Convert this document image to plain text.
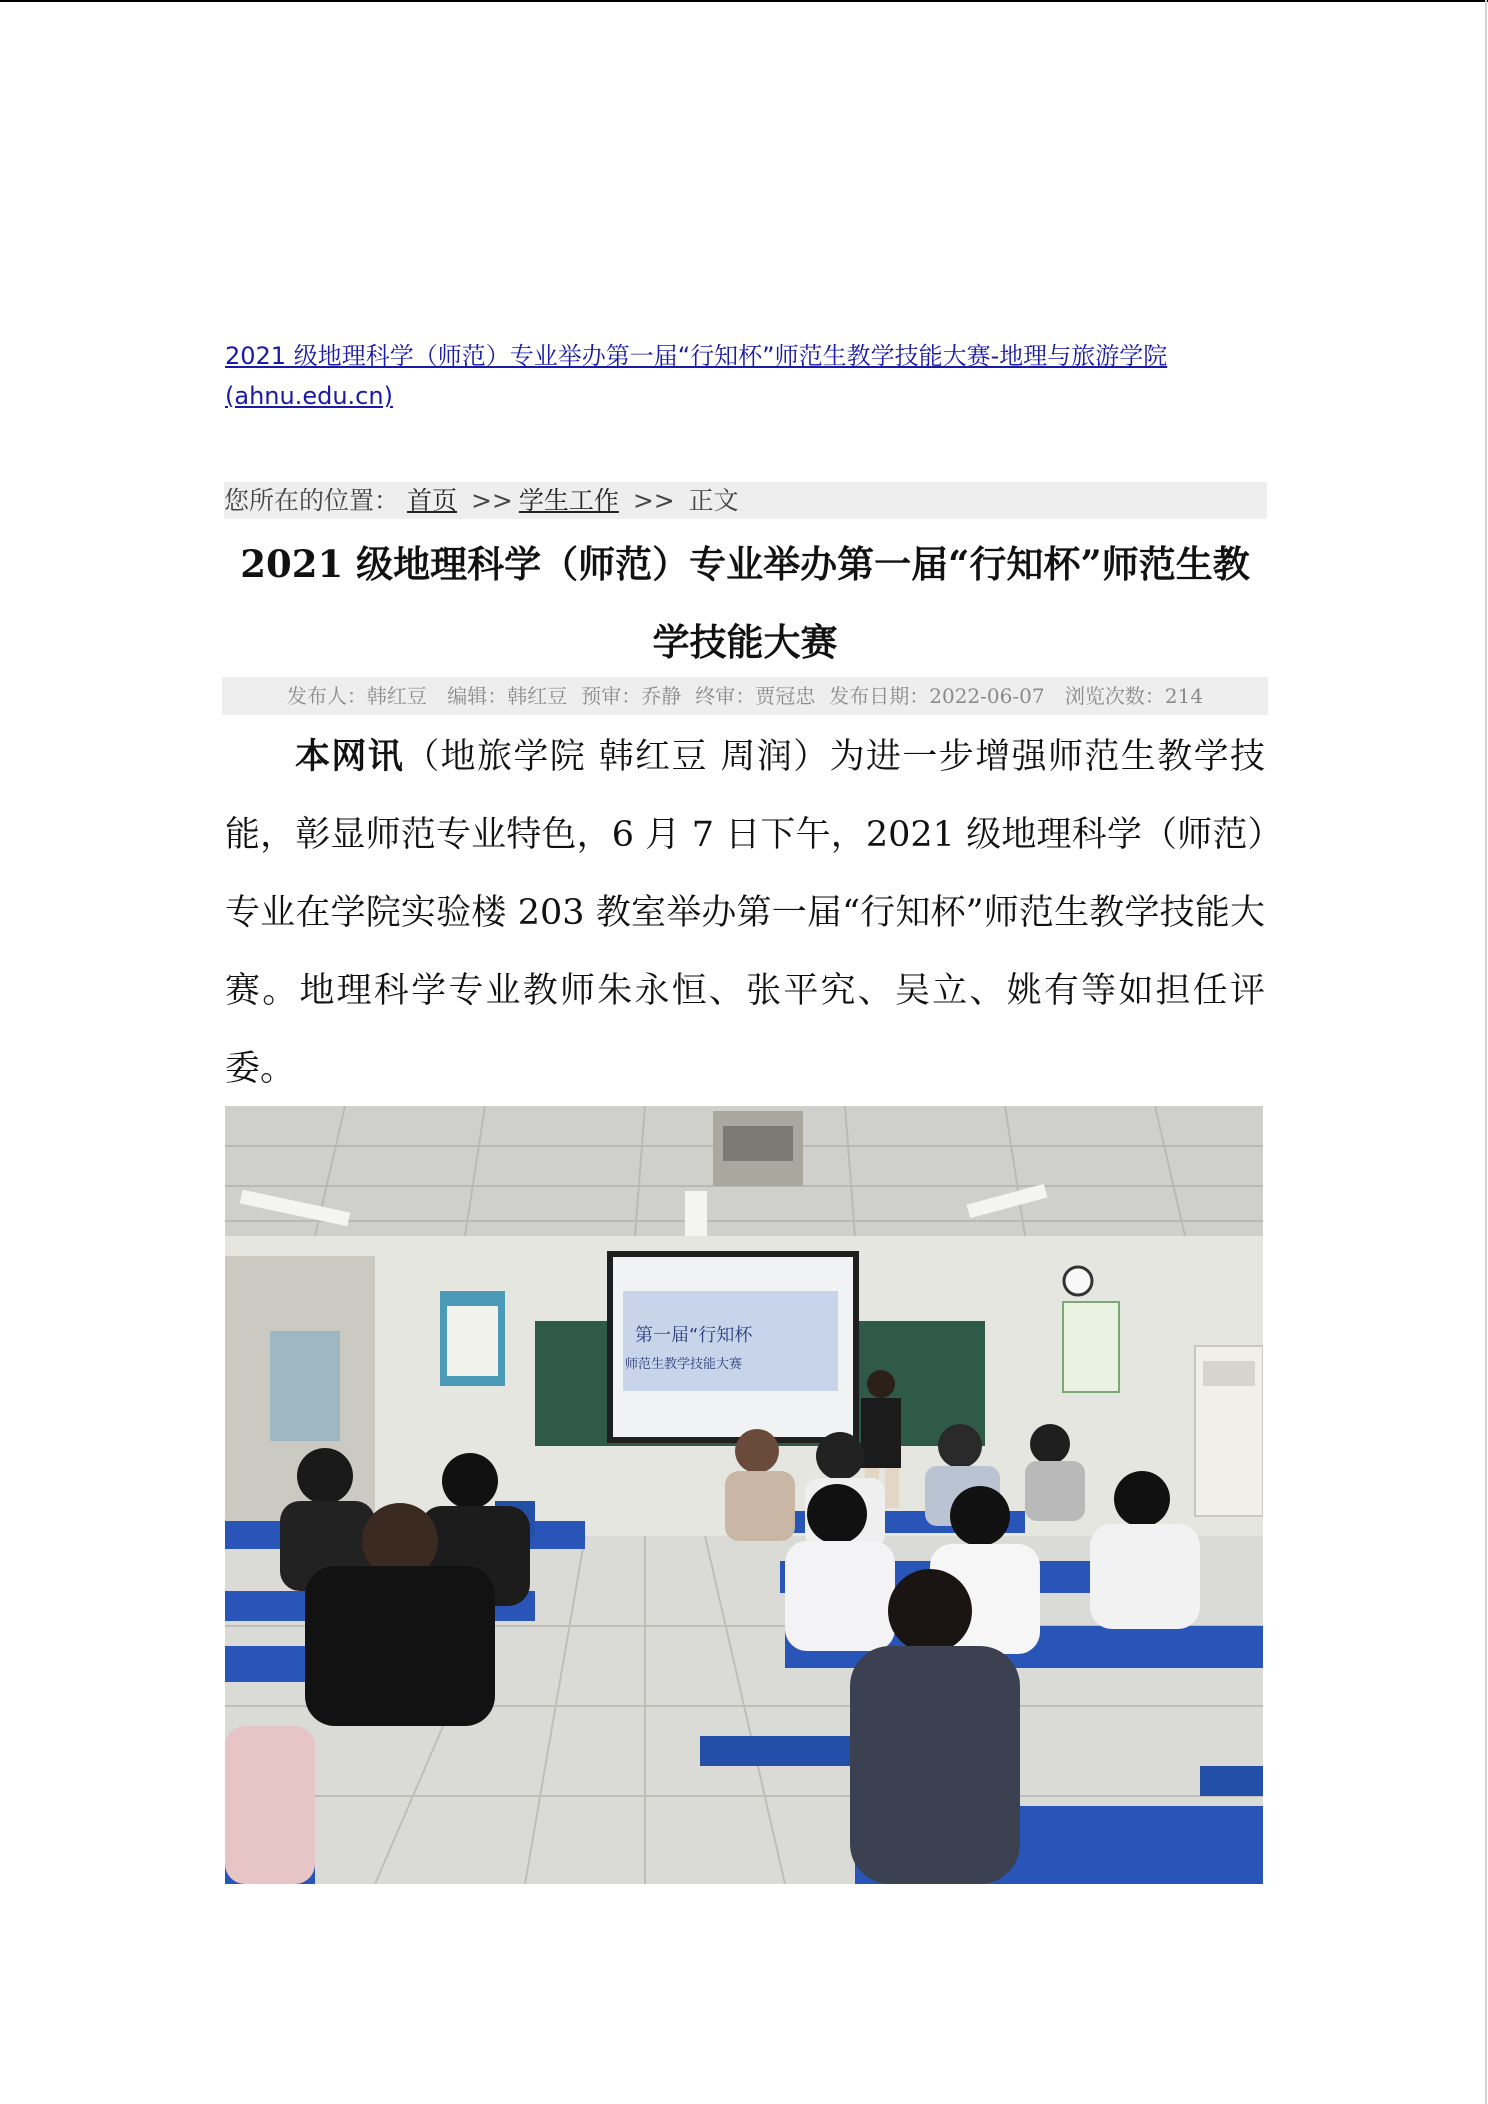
2021 级地理科学（师范）专业举办第一届“行知杯”师范生教学技能大赛-地理与旅游学院(ahnu.edu.cn)

您所在的位置： 首页 >> 学生工作 >> 正文
2021 级地理科学（师范）专业举办第一届“行知杯”师范生教学技能大赛
发布人：韩红豆 编辑：韩红豆 预审：乔静 终审：贾冠忠 发布日期：2022-06-07 浏览次数：214

本网讯（地旅学院 韩红豆 周润）为进一步增强师范生教学技能，彰显师范专业特色，6 月 7 日下午，2021 级地理科学（师范）专业在学院实验楼 203 教室举办第一届“行知杯”师范生教学技能大赛。地理科学专业教师朱永恒、张平究、吴立、姚有等如担任评委。

第一届“行知杯
师范生教学技能大赛
